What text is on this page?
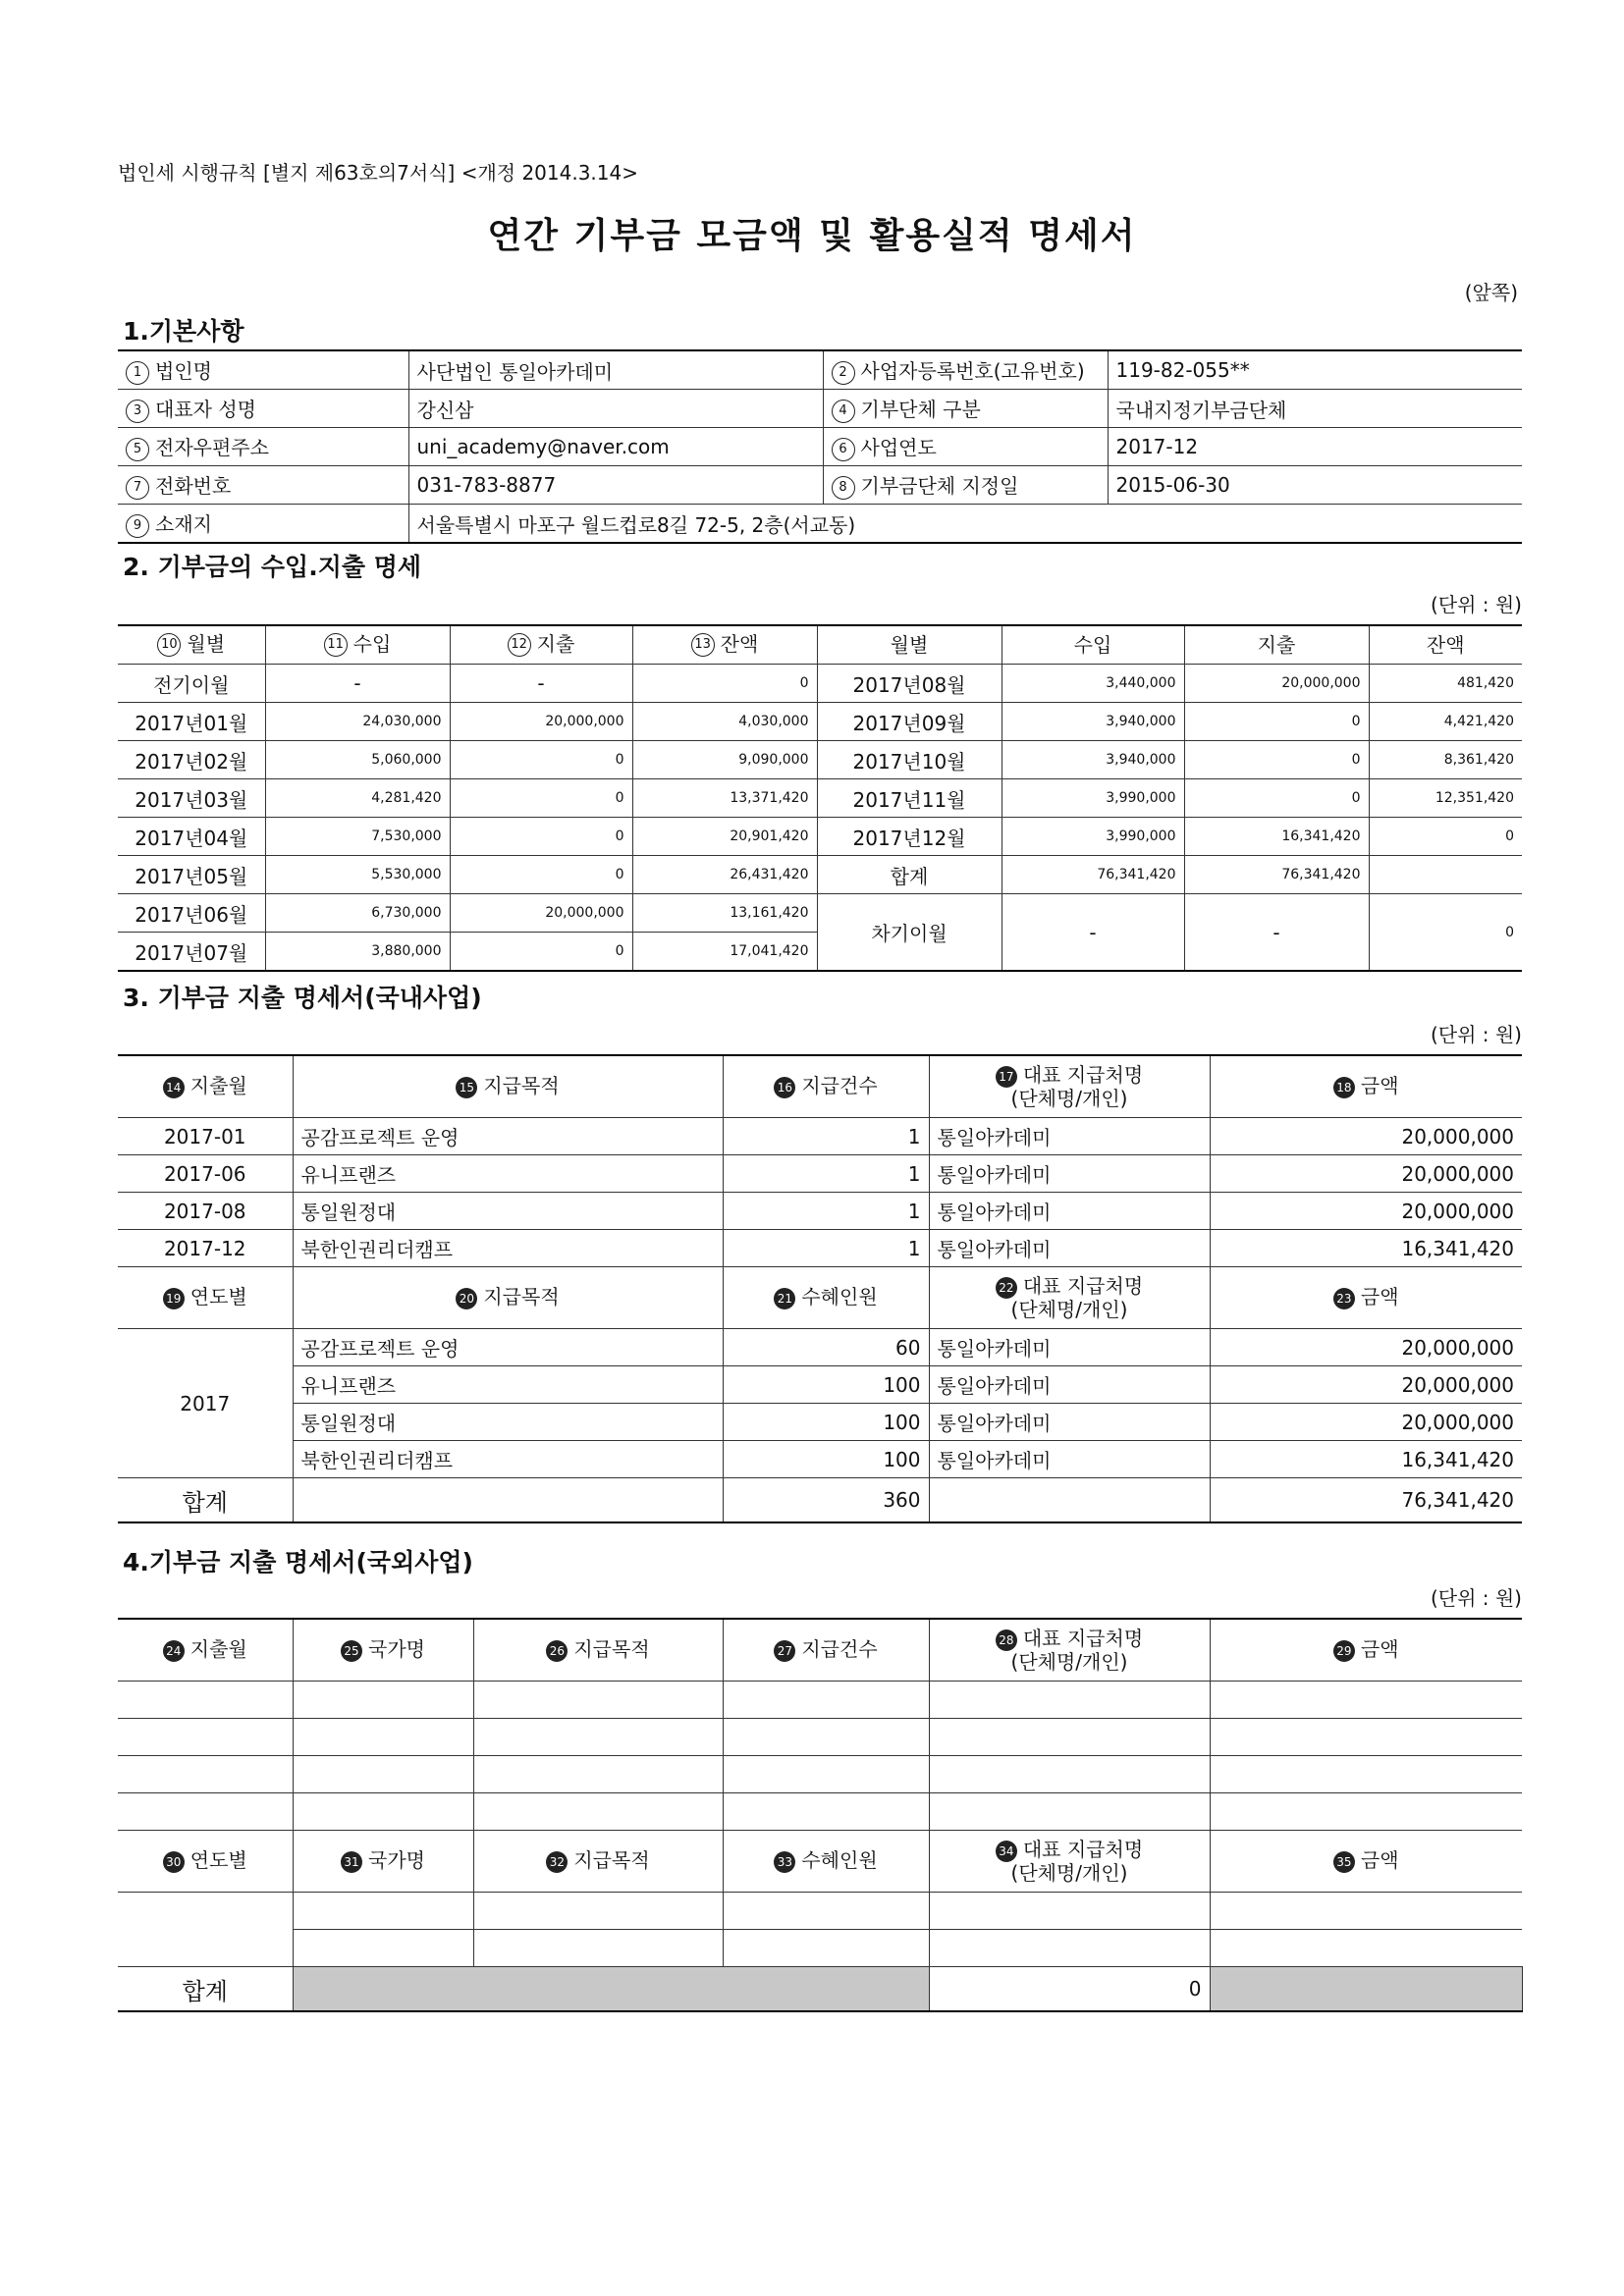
법인세 시행규칙 [별지 제63호의7서식] <개정 2014.3.14>
연간 기부금 모금액 및 활용실적 명세서
(앞쪽)
1.기본사항
1 법인명	사단법인 통일아카데미	2 사업자등록번호(고유번호)	119-82-055**
3 대표자 성명	강신삼	4 기부단체 구분	국내지정기부금단체
5 전자우편주소	uni_academy@naver.com	6 사업연도	2017-12
7 전화번호	031-783-8877	8 기부금단체 지정일	2015-06-30
9 소재지	서울특별시 마포구 월드컵로8길 72-5, 2층(서교동)		
2. 기부금의 수입.지출 명세
(단위 : 원)
10 월별	11 수입	12 지출	13 잔액	월별	수입	지출	잔액
전기이월	-	-	0	2017년08월	3,440,000	20,000,000	481,420
2017년01월	24,030,000	20,000,000	4,030,000	2017년09월	3,940,000	0	4,421,420
2017년02월	5,060,000	0	9,090,000	2017년10월	3,940,000	0	8,361,420
2017년03월	4,281,420	0	13,371,420	2017년11월	3,990,000	0	12,351,420
2017년04월	7,530,000	0	20,901,420	2017년12월	3,990,000	16,341,420	0
2017년05월	5,530,000	0	26,431,420	합계	76,341,420	76,341,420	
2017년06월	6,730,000	20,000,000	13,161,420	차기이월	-	-	0
2017년07월	3,880,000	0	17,041,420				
3. 기부금 지출 명세서(국내사업)
(단위 : 원)
14 지출월	15 지급목적	16 지급건수	17 대표 지급처명
(단체명/개인)	18 금액
2017-01	공감프로젝트 운영	1	통일아카데미	20,000,000
2017-06	유니프랜즈	1	통일아카데미	20,000,000
2017-08	통일원정대	1	통일아카데미	20,000,000
2017-12	북한인권리더캠프	1	통일아카데미	16,341,420
19 연도별	20 지급목적	21 수혜인원	22 대표 지급처명
(단체명/개인)	23 금액
2017	공감프로젝트 운영	60	통일아카데미	20,000,000
	유니프랜즈	100	통일아카데미	20,000,000
	통일원정대	100	통일아카데미	20,000,000
	북한인권리더캠프	100	통일아카데미	16,341,420
합계		360		76,341,420
4.기부금 지출 명세서(국외사업)
(단위 : 원)
24 지출월	25 국가명	26 지급목적	27 지급건수	28 대표 지급처명
(단체명/개인)	29 금액	

30 연도별	31 국가명	32 지급목적	33 수혜인원	34 대표 지급처명
(단체명/개인)	35 금액	

합계				0		
